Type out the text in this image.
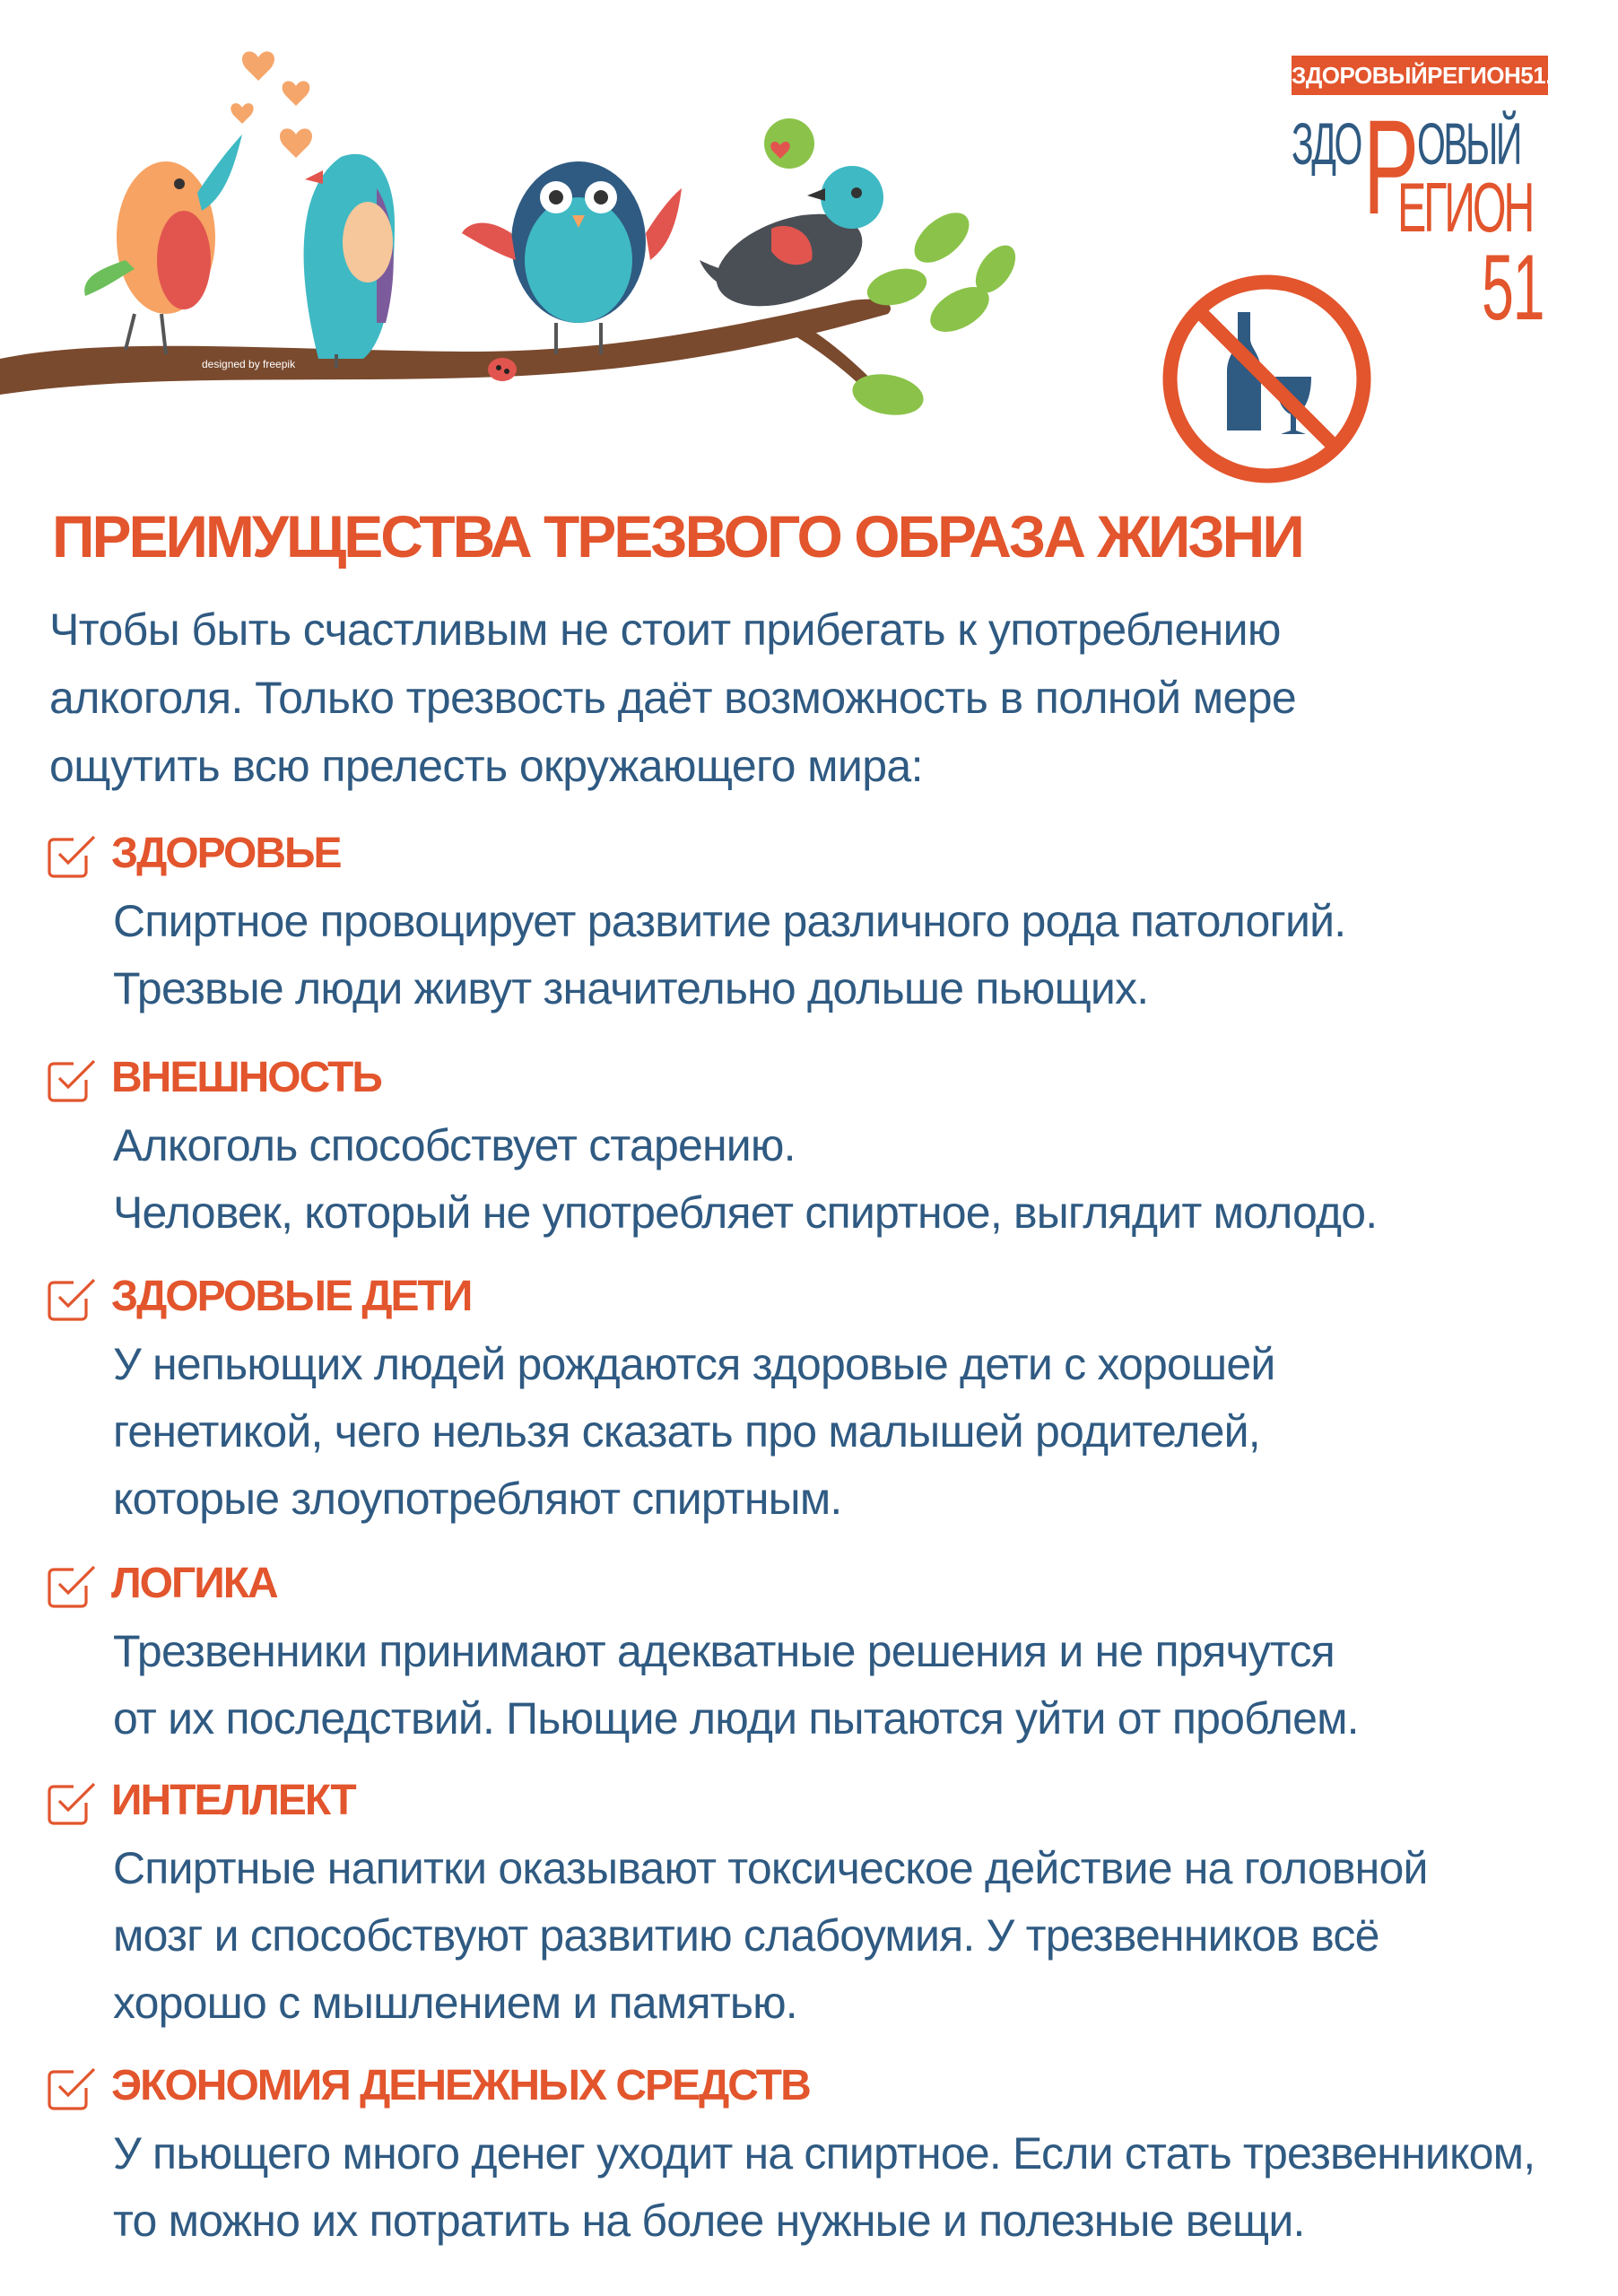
designed by freepik
ЗДОРОВЫЙРЕГИОН51.РФ
ЗДО Р
ОВЫЙ
ЕГИОН
51
ПРЕИМУЩЕСТВА ТРЕЗВОГО ОБРАЗА ЖИЗНИ
Чтобы быть счастливым не стоит прибегать к употреблению
алкоголя. Только трезвость даёт возможность в полной мере
ощутить всю прелесть окружающего мира:
ЗДОРОВЬЕ
Спиртное провоцирует развитие различного рода патологий.
Трезвые люди живут значительно дольше пьющих.
ВНЕШНОСТЬ
Алкоголь способствует старению.
Человек, который не употребляет спиртное, выглядит молодо.
ЗДОРОВЫЕ ДЕТИ
У непьющих людей рождаются здоровые дети с хорошей
генетикой, чего нельзя сказать про малышей родителей,
которые злоупотребляют спиртным.
ЛОГИКА
Трезвенники принимают адекватные решения и не прячутся
от их последствий. Пьющие люди пытаются уйти от проблем.
ИНТЕЛЛЕКТ
Спиртные напитки оказывают токсическое действие на головной
мозг и способствуют развитию слабоумия. У трезвенников всё
хорошо с мышлением и памятью.
ЭКОНОМИЯ ДЕНЕЖНЫХ СРЕДСТВ
У пьющего много денег уходит на спиртное. Если стать трезвенником,
то можно их потратить на более нужные и полезные вещи.
